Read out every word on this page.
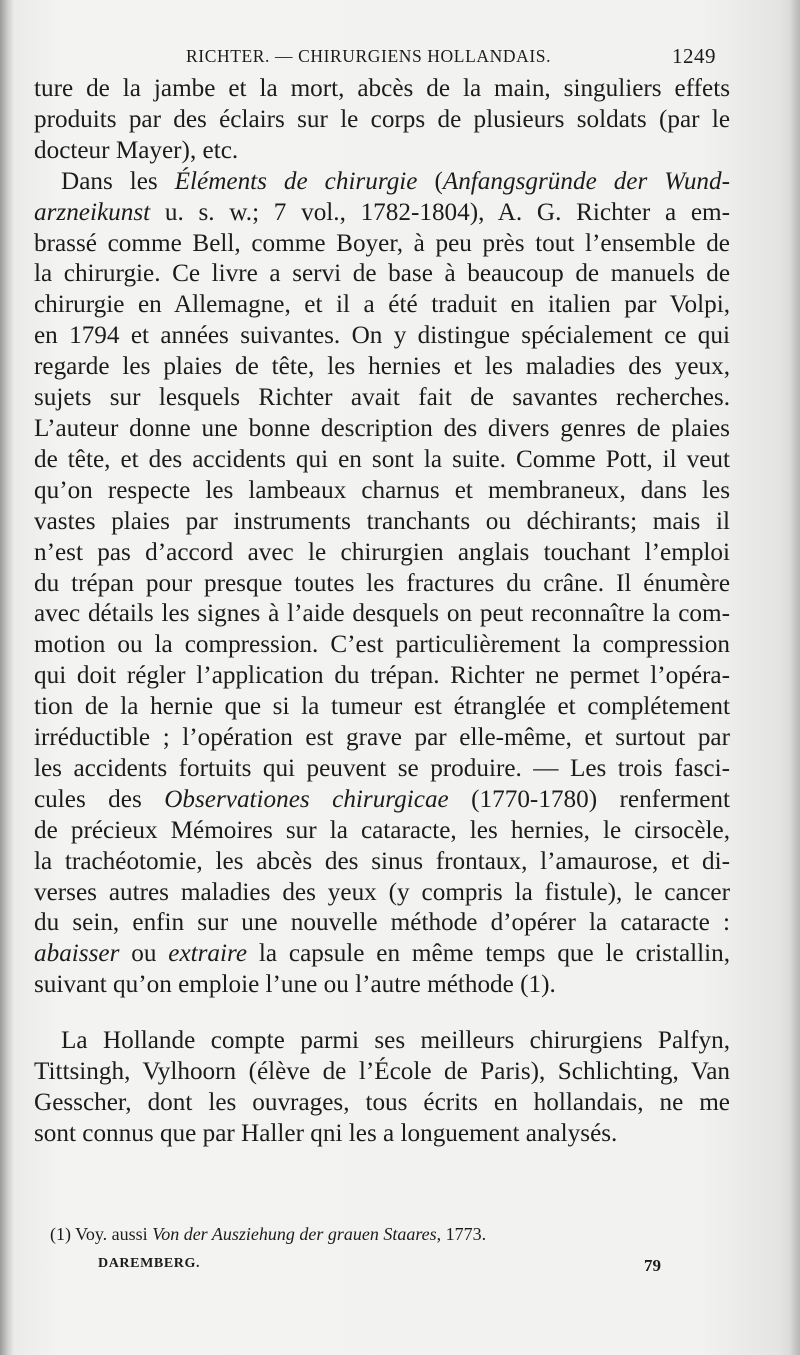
RICHTER. — CHIRURGIENS HOLLANDAIS.	1249
ture de la jambe et la mort, abcès de la main, singuliers effets
produits par des éclairs sur le corps de plusieurs soldats (par le
docteur Mayer), etc.
Dans les Éléments de chirurgie (Anfangsgründe der Wund-
arzneikunst u. s. w.; 7 vol., 1782-1804), A. G. Richter a em-
brassé comme Bell, comme Boyer, à peu près tout l’ensemble de
la chirurgie. Ce livre a servi de base à beaucoup de manuels de
chirurgie en Allemagne, et il a été traduit en italien par Volpi,
en 1794 et années suivantes. On y distingue spécialement ce qui
regarde les plaies de tête, les hernies et les maladies des yeux,
sujets sur lesquels Richter avait fait de savantes recherches.
L’auteur donne une bonne description des divers genres de plaies
de tête, et des accidents qui en sont la suite. Comme Pott, il veut
qu’on respecte les lambeaux charnus et membraneux, dans les
vastes plaies par instruments tranchants ou déchirants; mais il
n’est pas d’accord avec le chirurgien anglais touchant l’emploi
du trépan pour presque toutes les fractures du crâne. Il énumère
avec détails les signes à l’aide desquels on peut reconnaître la com-
motion ou la compression. C’est particulièrement la compression
qui doit régler l’application du trépan. Richter ne permet l’opéra-
tion de la hernie que si la tumeur est étranglée et complétement
irréductible ; l’opération est grave par elle-même, et surtout par
les accidents fortuits qui peuvent se produire. — Les trois fasci-
cules des Observationes chirurgicae (1770-1780) renferment
de précieux Mémoires sur la cataracte, les hernies, le cirsocèle,
la trachéotomie, les abcès des sinus frontaux, l’amaurose, et di-
verses autres maladies des yeux (y compris la fistule), le cancer
du sein, enfin sur une nouvelle méthode d’opérer la cataracte :
abaisser ou extraire la capsule en même temps que le cristallin,
suivant qu’on emploie l’une ou l’autre méthode (1).
La Hollande compte parmi ses meilleurs chirurgiens Palfyn,
Tittsingh, Vylhoorn (élève de l’École de Paris), Schlichting, Van
Gesscher, dont les ouvrages, tous écrits en hollandais, ne me
sont connus que par Haller qni les a longuement analysés.
(1) Voy. aussi Von der Ausziehung der grauen Staares, 1773.
DAREMBERG.	79
